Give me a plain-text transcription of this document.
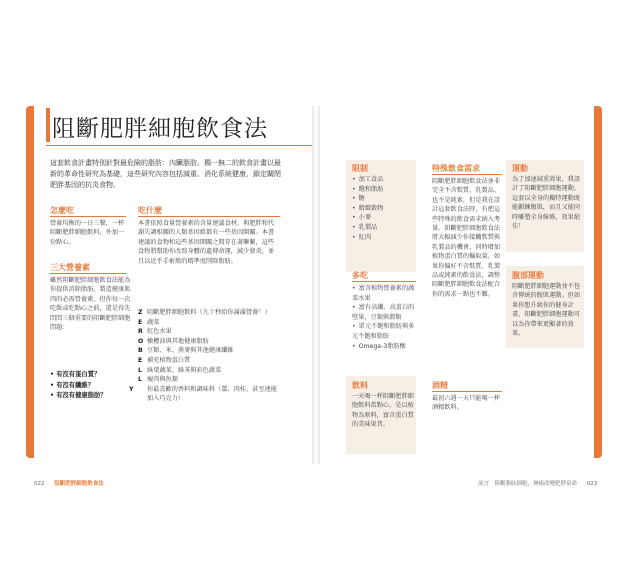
阻斷肥胖細胞飲食法
這套飲食計畫特別針對最危險的脂肪：內臟脂肪。獨一無二的飲食計畫以最新的革命性研究為基礎，這些研究內容包括減重、消化系統健康，鎖定關閉肥胖基因的抗炎食物。
怎麼吃
營養均衡的一日三餐，一杯阻斷肥胖細胞飲料，外加一份點心。
三大營養素
雖然阻斷肥胖細胞飲食法能為你提供消除脂肪，製造健康肌肉的必需營養素，但你每一次吃飯或吃點心之前，還是得先問問三個重要的阻斷肥胖細胞問題：
• 有沒有蛋白質？
• 有沒有纖維？
• 有沒有健康脂肪？
吃什麼
本書依照食量營養素的含量建議食材，與肥胖和代謝失調相關的人類基因組都有一些基因開關。本書建議的食物和這些基因開關之間存在著聯繫，這些食物將幫助你改寫身體的遺傳命運，減少發炎，並且以近乎手術般的精準度削除脂肪。
Z 阻斷肥胖細胞飲料（九十秒給你滿滿營養！）
E 蔬菜
R 紅色水果
O 橄欖油與其他健康脂肪
B 豆類、米、燕麥與其他健康纖維
E 補充植物蛋白質
L 綠葉蔬菜、綠茶與彩色蔬菜
L 瘦肉與魚類
Y 你最喜歡的香料和調味料（薑、肉桂、甚至連能加入巧克力）
022 阻斷肥胖細胞飲食法
限制
• 加工食品
• 飽和脂肪
• 糖
• 精緻穀物
• 小麥
• 乳製品
• 紅肉
多吃
• 富含植物營養素的蔬菜水果
• 富有高纖、高蛋白的堅果、豆類與穀類
• 單元不飽和脂肪與多元不飽和脂肪
• Omega-3脂肪酸
飲料
一天喝一杯阻斷肥胖細胞飲料當點心，是以植物為原料，富含蛋白質的美味果昔。
特殊飲食需求
阻斷肥胖細胞飲食法並非完全不含麩質、乳製品、也不是純素，但是我在設計這套飲食法時，有把這些特殊的飲食需求納入考量。阻斷肥胖細胞飲食法將大幅減少你接觸麩質與乳製品的機會，同時增加植物蛋白質的攝取量。如果你偏好不含麩質、乳製品或純素的飲食法，調整阻斷肥胖細胞飲食法配合你的需求一點也不難。
酒精
最初六週一天只能喝一杯酒精飲料。
運動
為了加速減重效果，我設計了阻斷肥胖細胞運動，這套以全身的獨特運動既能鍛鍊腹肌，而且又能同時雕塑全身線條，效果絕佳！
腹部運動
阻斷肥胖細胞運動並不包含傳統的腹肌運動。但如果你想升級你的健身計畫，阻斷肥胖細胞運動可以為你帶來更顯著的效果。
前言　阻斷脂肪細胞，無痛改變肥胖宿命 023
